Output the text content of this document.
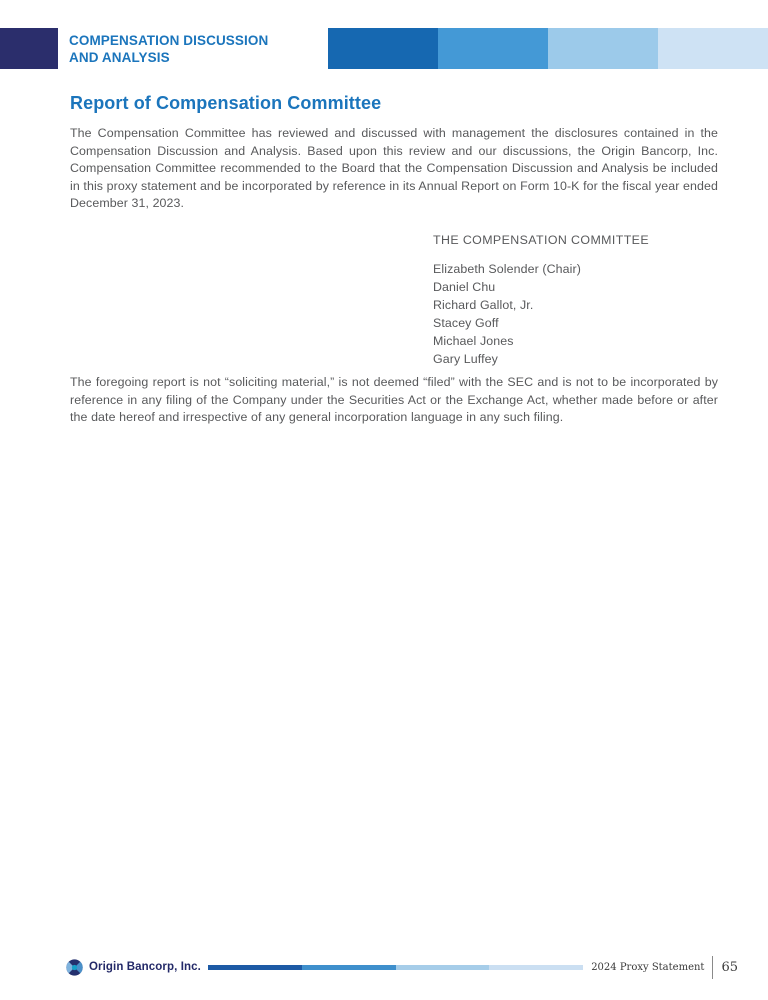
COMPENSATION DISCUSSION
AND ANALYSIS
Report of Compensation Committee

The Compensation Committee has reviewed and discussed with management the disclosures contained in the Compensation Discussion and Analysis. Based upon this review and our discussions, the Origin Bancorp, Inc. Compensation Committee recommended to the Board that the Compensation Discussion and Analysis be included in this proxy statement and be incorporated by reference in its Annual Report on Form 10-K for the fiscal year ended December 31, 2023.

THE COMPENSATION COMMITTEE
Elizabeth Solender (Chair)
Daniel Chu
Richard Gallot, Jr.
Stacey Goff
Michael Jones
Gary Luffey

The foregoing report is not “soliciting material,” is not deemed “filed” with the SEC and is not to be incorporated by reference in any filing of the Company under the Securities Act or the Exchange Act, whether made before or after the date hereof and irrespective of any general incorporation language in any such filing.

Origin Bancorp, Inc.	2024 Proxy Statement 65
